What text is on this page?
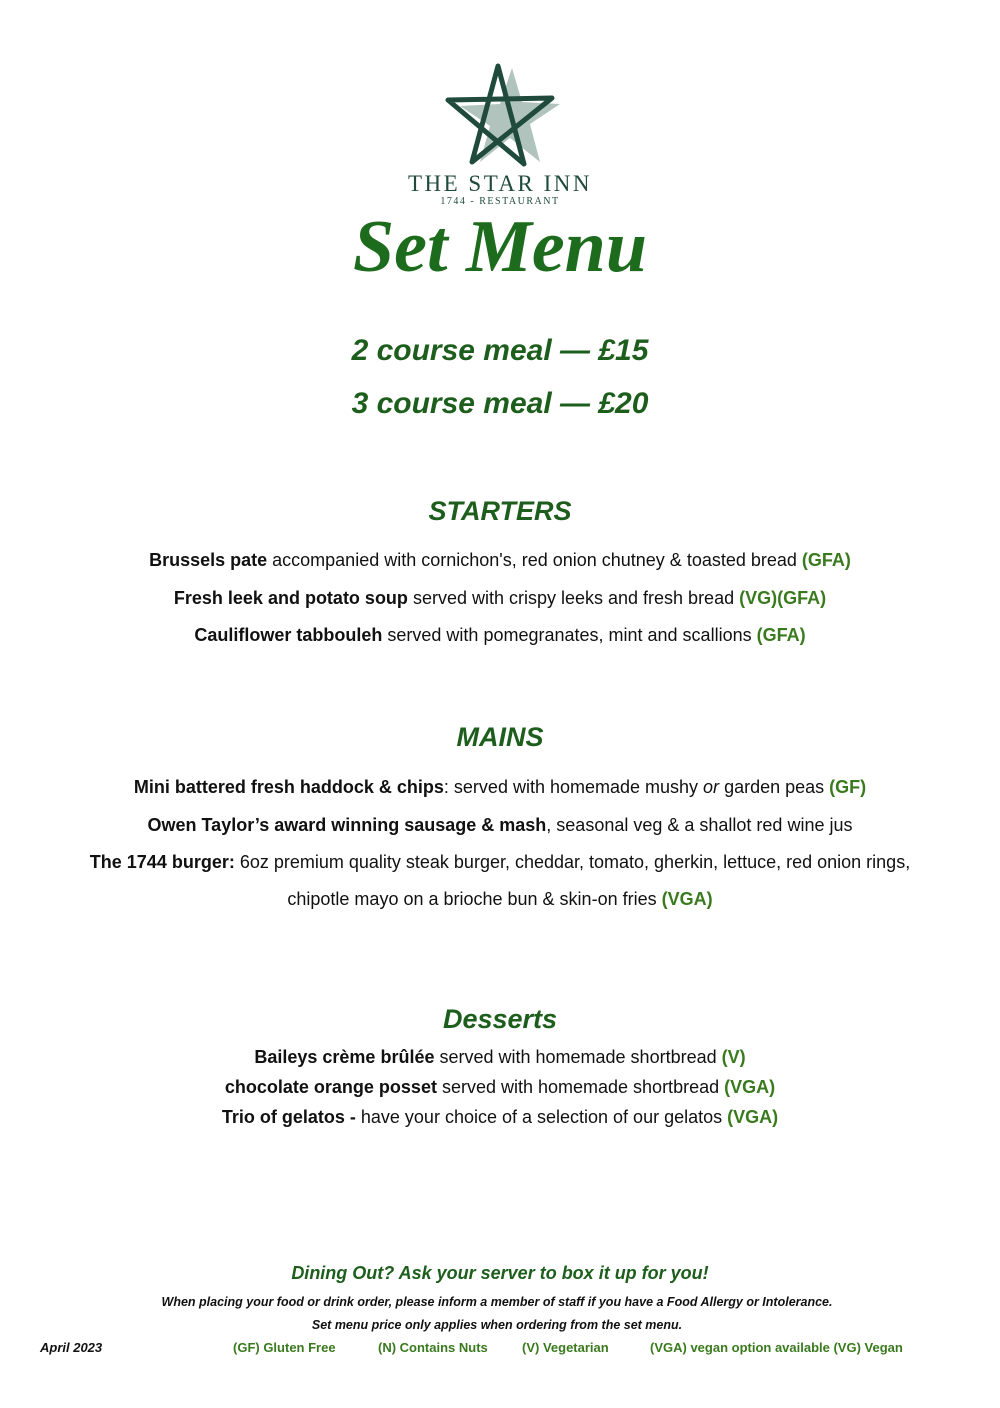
THE STAR INN
1744 - RESTAURANT
Set Menu
2 course meal — £15
3 course meal — £20
STARTERS
Brussels pate accompanied with cornichon's, red onion chutney & toasted bread (GFA)
Fresh leek and potato soup served with crispy leeks and fresh bread (VG)(GFA)
Cauliflower tabbouleh served with pomegranates, mint and scallions (GFA)
MAINS
Mini battered fresh haddock & chips: served with homemade mushy or garden peas (GF)
Owen Taylor’s award winning sausage & mash, seasonal veg & a shallot red wine jus
The 1744 burger: 6oz premium quality steak burger, cheddar, tomato, gherkin, lettuce, red onion rings,
chipotle mayo on a brioche bun & skin-on fries (VGA)
Desserts
Baileys crème brûlée served with homemade shortbread (V)
chocolate orange posset served with homemade shortbread (VGA)
Trio of gelatos - have your choice of a selection of our gelatos (VGA)
Dining Out? Ask your server to box it up for you!
When placing your food or drink order, please inform a member of staff if you have a Food Allergy or Intolerance.
Set menu price only applies when ordering from the set menu.
April 2023	(GF) Gluten Free	(N) Contains Nuts	(V) Vegetarian	(VGA) vegan option available (VG) Vegan
